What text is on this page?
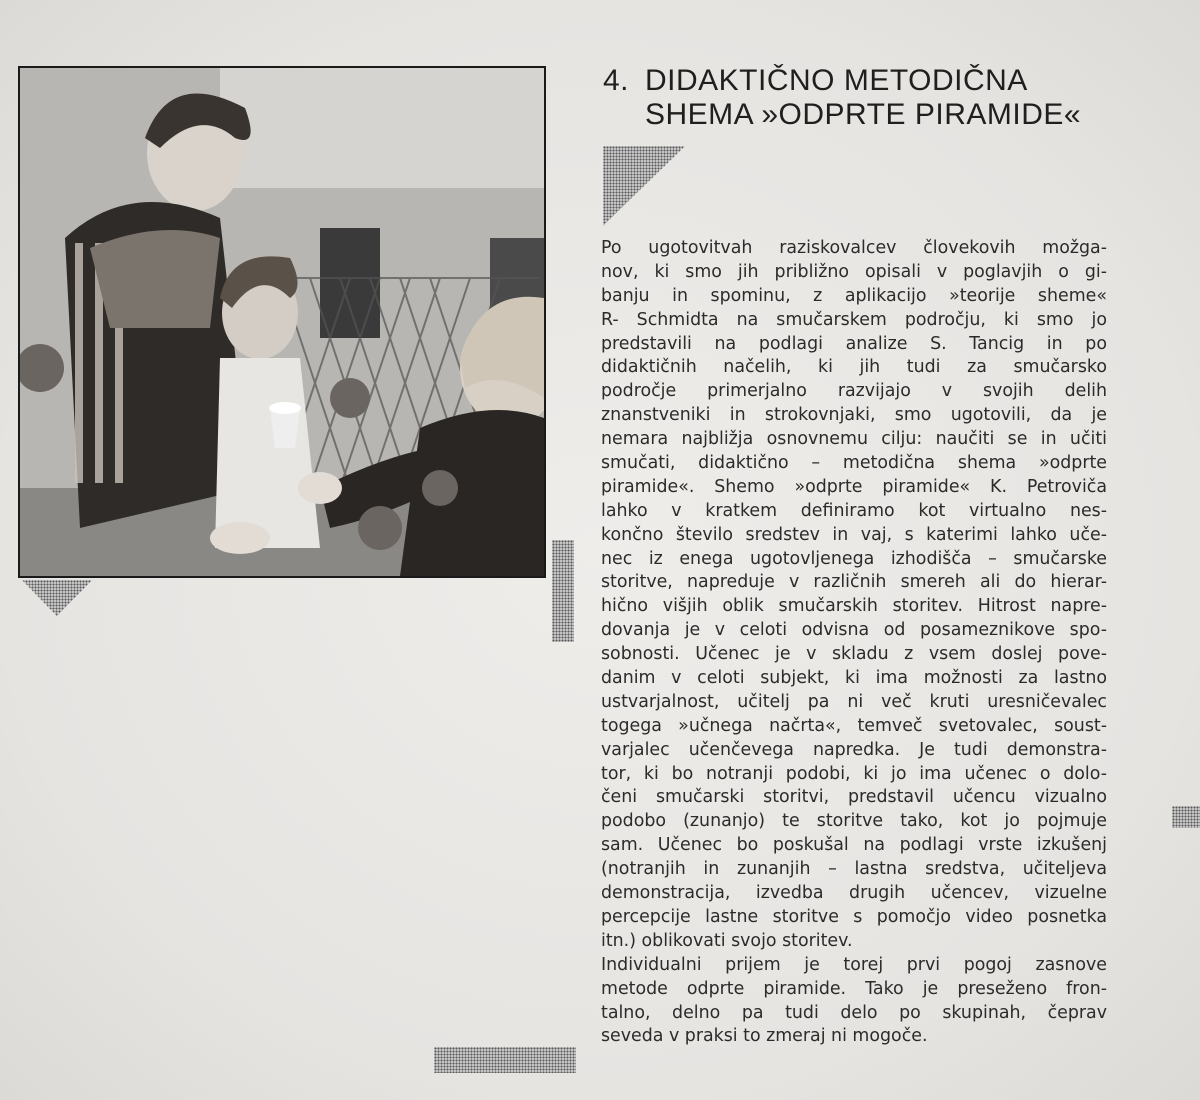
4. DIDAKTIČNO METODIČNA
SHEMA »ODPRTE PIRAMIDE«
Po ugotovitvah raziskovalcev človekovih možga-
nov, ki smo jih približno opisali v poglavjih o gi-
banju in spominu, z aplikacijo »teorije sheme«
R- Schmidta na smučarskem področju, ki smo jo
predstavili na podlagi analize S. Tancig in po
didaktičnih načelih, ki jih tudi za smučarsko
področje primerjalno razvijajo v svojih delih
znanstveniki in strokovnjaki, smo ugotovili, da je
nemara najbližja osnovnemu cilju: naučiti se in učiti
smučati, didaktično – metodična shema »odprte
piramide«. Shemo »odprte piramide« K. Petroviča
lahko v kratkem definiramo kot virtualno nes-
končno število sredstev in vaj, s katerimi lahko uče-
nec iz enega ugotovljenega izhodišča – smučarske
storitve, napreduje v različnih smereh ali do hierar-
hično višjih oblik smučarskih storitev. Hitrost napre-
dovanja je v celoti odvisna od posameznikove spo-
sobnosti. Učenec je v skladu z vsem doslej pove-
danim v celoti subjekt, ki ima možnosti za lastno
ustvarjalnost, učitelj pa ni več kruti uresničevalec
togega »učnega načrta«, temveč svetovalec, soust-
varjalec učenčevega napredka. Je tudi demonstra-
tor, ki bo notranji podobi, ki jo ima učenec o dolo-
čeni smučarski storitvi, predstavil učencu vizualno
podobo (zunanjo) te storitve tako, kot jo pojmuje
sam. Učenec bo poskušal na podlagi vrste izkušenj
(notranjih in zunanjih – lastna sredstva, učiteljeva
demonstracija, izvedba drugih učencev, vizuelne
percepcije lastne storitve s pomočjo video posnetka
itn.) oblikovati svojo storitev.
Individualni prijem je torej prvi pogoj zasnove
metode odprte piramide. Tako je preseženo fron-
talno, delno pa tudi delo po skupinah, čeprav
seveda v praksi to zmeraj ni mogoče.
